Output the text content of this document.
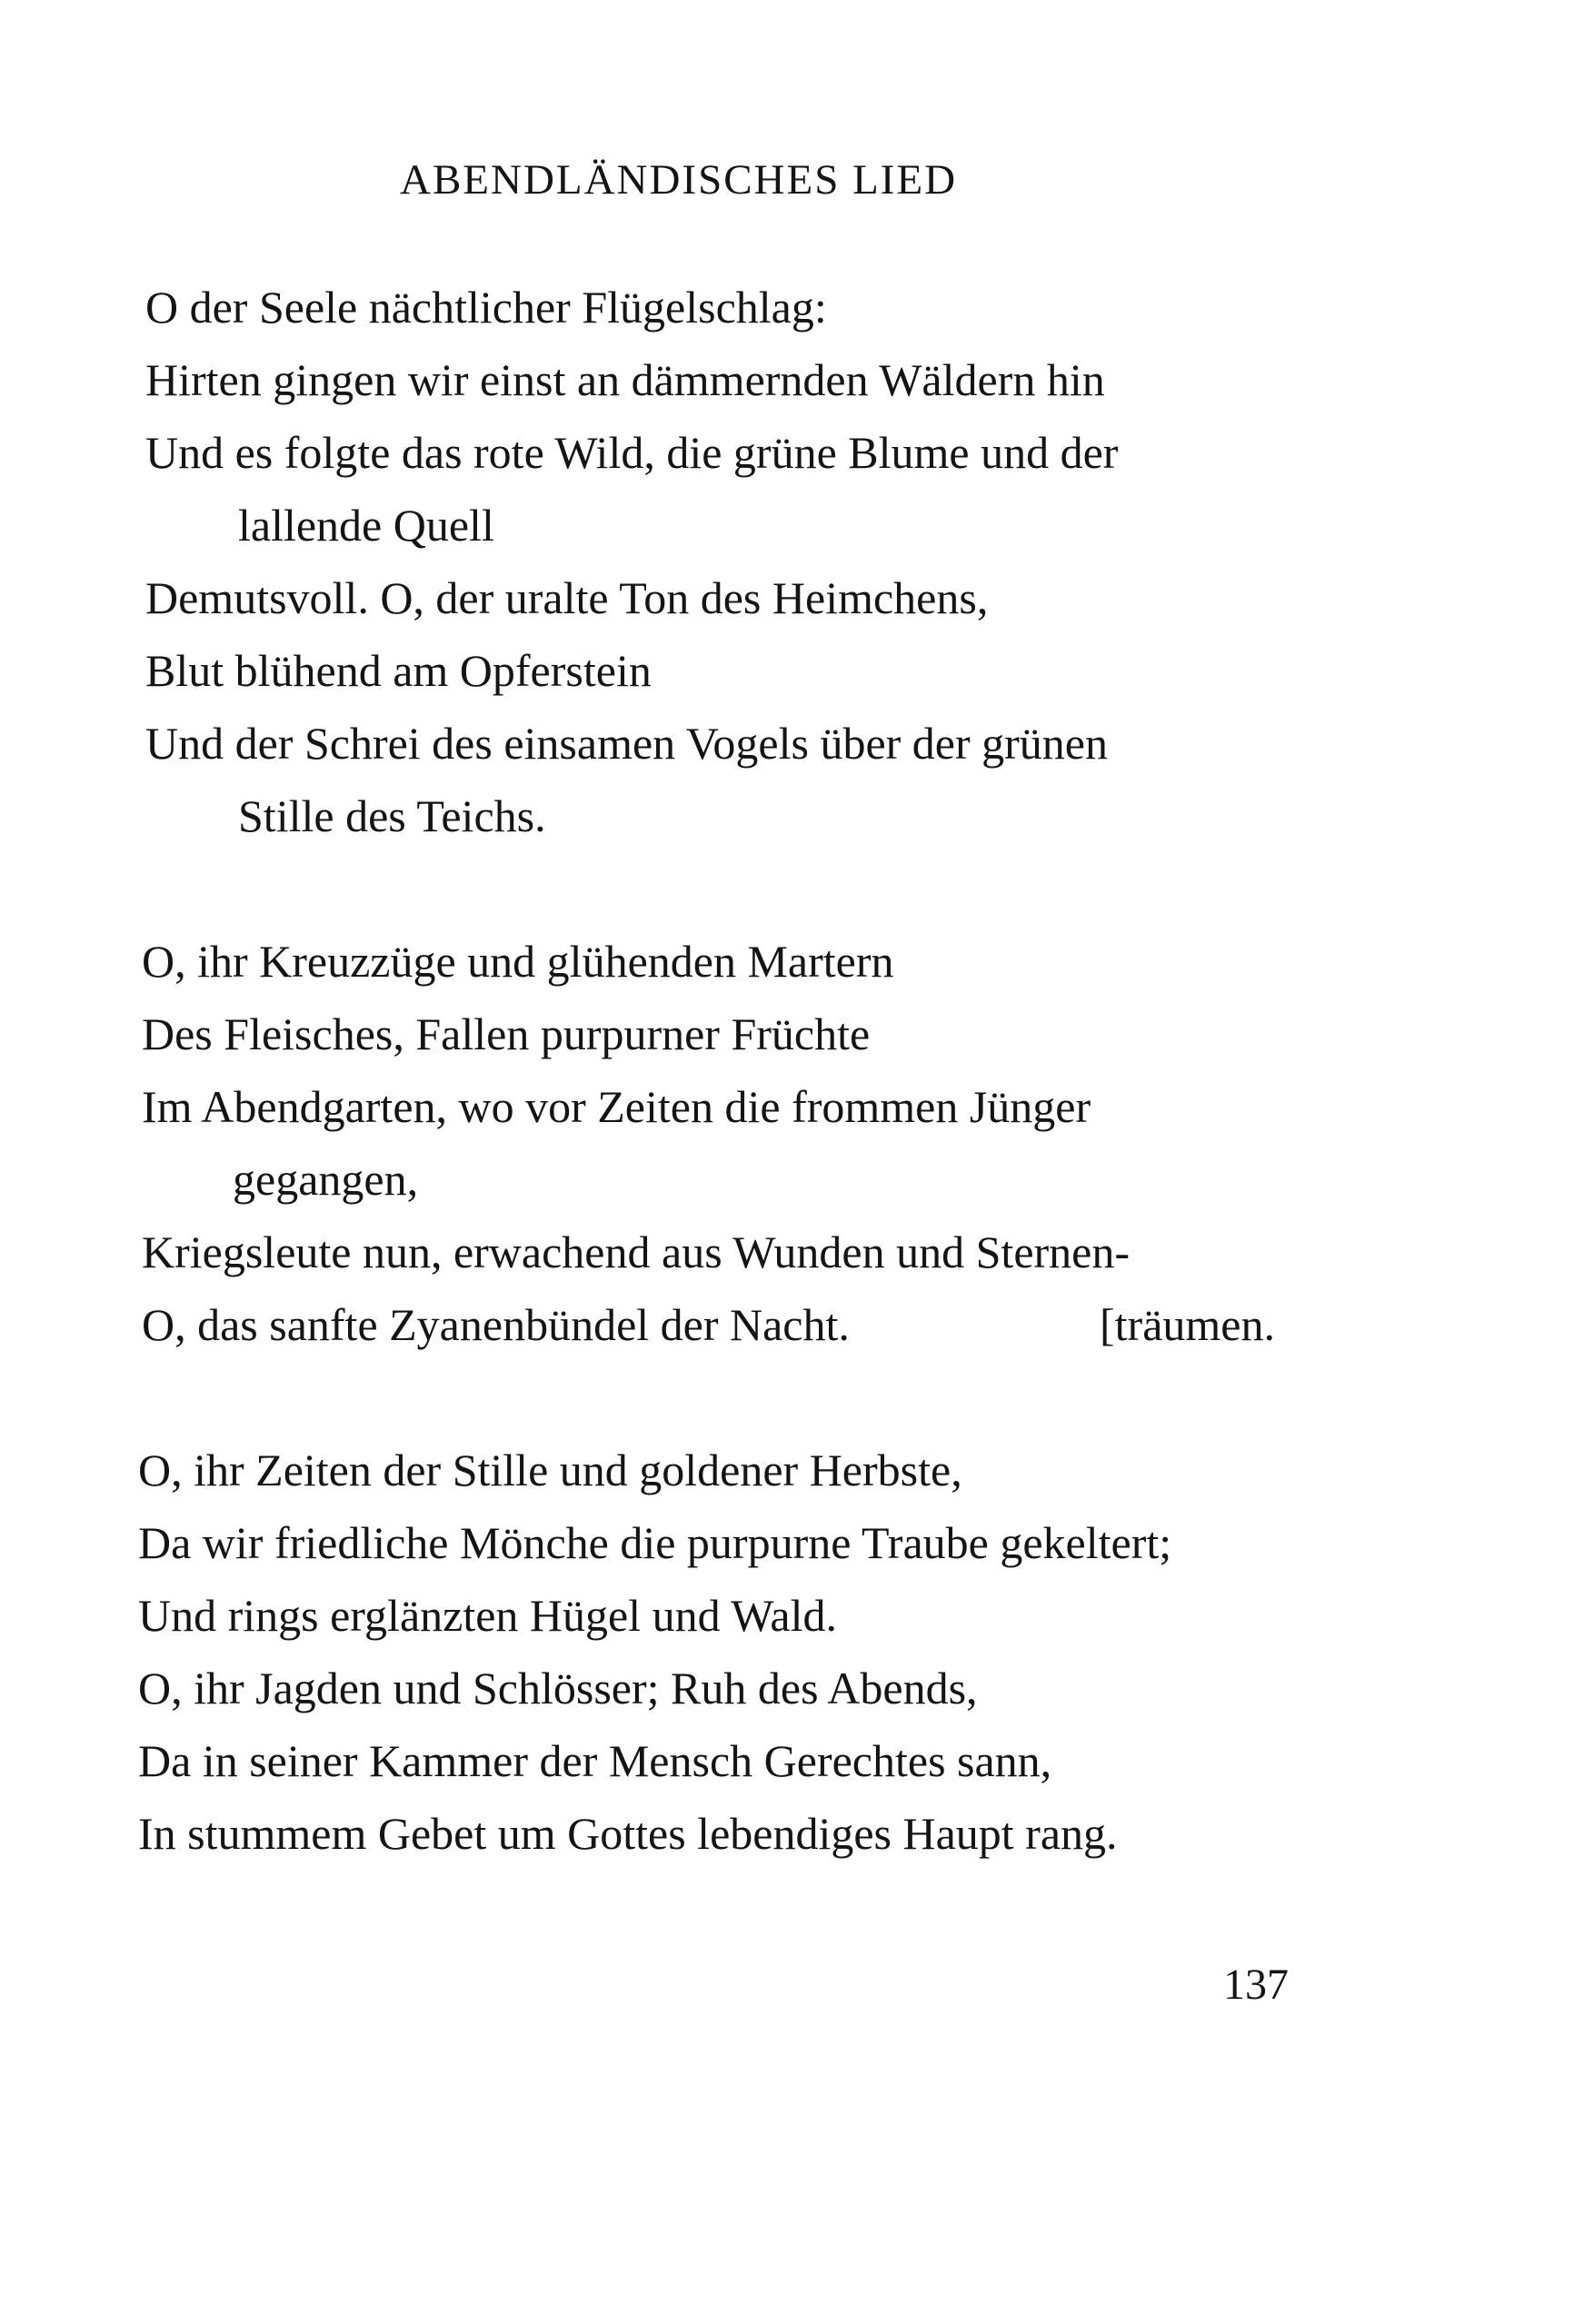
ABENDLÄNDISCHES LIED

O der Seele nächtlicher Flügelschlag:

Hirten gingen wir einst an dämmernden Wäldern hin

Und es folgte das rote Wild, die grüne Blume und der

lallende Quell

Demutsvoll. O, der uralte Ton des Heimchens,

Blut blühend am Opferstein

Und der Schrei des einsamen Vogels über der grünen

Stille des Teichs.

O, ihr Kreuzzüge und glühenden Martern

Des Fleisches, Fallen purpurner Früchte

Im Abendgarten, wo vor Zeiten die frommen Jünger

gegangen,

Kriegsleute nun, erwachend aus Wunden und Sternen-

O, das sanfte Zyanenbündel der Nacht.	[träumen.

O, ihr Zeiten der Stille und goldener Herbste,

Da wir friedliche Mönche die purpurne Traube gekeltert;

Und rings erglänzten Hügel und Wald.

O, ihr Jagden und Schlösser; Ruh des Abends,

Da in seiner Kammer der Mensch Gerechtes sann,

In stummem Gebet um Gottes lebendiges Haupt rang.

137
